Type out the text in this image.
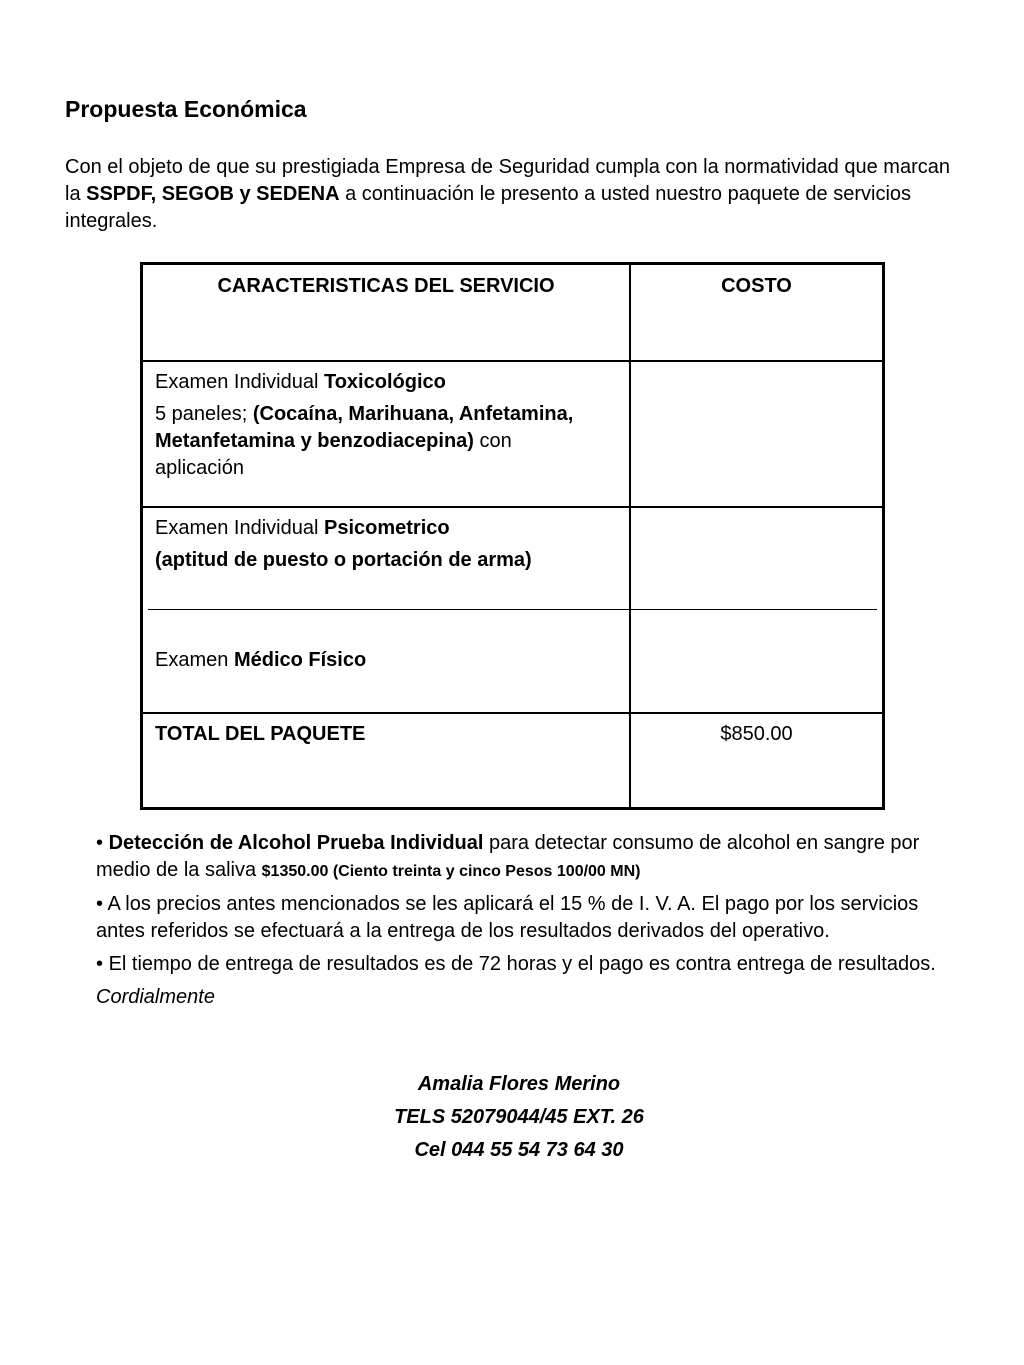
Propuesta Económica

Con el objeto de que su prestigiada Empresa de Seguridad cumpla con la normatividad que marcan la SSPDF, SEGOB y SEDENA a continuación le presento a usted nuestro paquete de servicios integrales.

CARACTERISTICAS DEL SERVICIO	COSTO
Examen Individual Toxicológico
5 paneles; (Cocaína, Marihuana, Anfetamina, Metanfetamina y benzodiacepina) con aplicación
Examen Individual Psicometrico
(aptitud de puesto o portación de arma)
Examen Médico Físico
TOTAL DEL PAQUETE	$850.00

• Detección de Alcohol Prueba Individual para detectar consumo de alcohol en sangre por medio de la saliva $1350.00 (Ciento treinta y cinco Pesos 100/00 MN)

• A los precios antes mencionados se les aplicará el 15 % de I. V. A. El pago por los servicios antes referidos se efectuará a la entrega de los resultados derivados del operativo.

• El tiempo de entrega de resultados es de 72 horas y el pago es contra entrega de resultados.

Cordialmente

Amalia Flores Merino
TELS 52079044/45 EXT. 26
Cel 044 55 54 73 64 30
